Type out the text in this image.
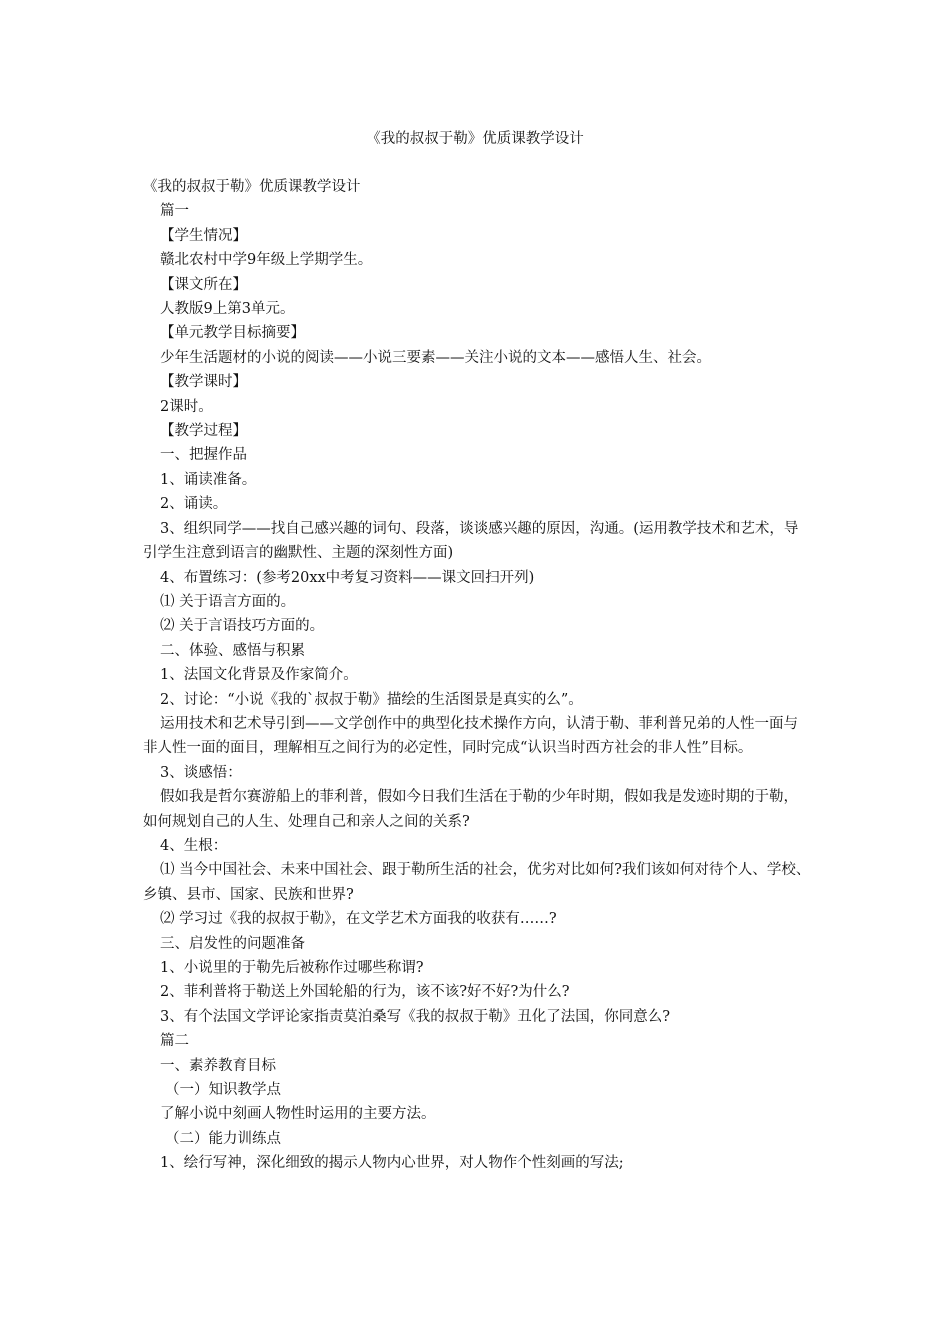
《我的叔叔于勒》优质课教学设计

《我的叔叔于勒》优质课教学设计

篇一

【学生情况】

赣北农村中学9年级上学期学生。

【课文所在】

人教版9上第3单元。

【单元教学目标摘要】

少年生活题材的小说的阅读——小说三要素——关注小说的文本——感悟人生、社会。

【教学课时】

2课时。

【教学过程】

一、把握作品

1、诵读准备。

2、诵读。

3、组织同学——找自己感兴趣的词句、段落，谈谈感兴趣的原因，沟通。(运用教学技术和艺术，导引学生注意到语言的幽默性、主题的深刻性方面)

4、布置练习：(参考20xx中考复习资料——课文回扫开列)

⑴ 关于语言方面的。

⑵ 关于言语技巧方面的。

二、体验、感悟与积累

1、法国文化背景及作家简介。

2、讨论：“小说《我的`叔叔于勒》描绘的生活图景是真实的么”。

运用技术和艺术导引到——文学创作中的典型化技术操作方向，认清于勒、菲利普兄弟的人性一面与非人性一面的面目，理解相互之间行为的必定性，同时完成“认识当时西方社会的非人性”目标。

3、谈感悟：

假如我是哲尔赛游船上的菲利普，假如今日我们生活在于勒的少年时期，假如我是发迹时期的于勒，如何规划自己的人生、处理自己和亲人之间的关系?

4、生根：

⑴ 当今中国社会、未来中国社会、跟于勒所生活的社会，优劣对比如何?我们该如何对待个人、学校、乡镇、县市、国家、民族和世界?

⑵ 学习过《我的叔叔于勒》，在文学艺术方面我的收获有……?

三、启发性的问题准备

1、小说里的于勒先后被称作过哪些称谓?

2、菲利普将于勒送上外国轮船的行为，该不该?好不好?为什么?

3、有个法国文学评论家指责莫泊桑写《我的叔叔于勒》丑化了法国，你同意么?

篇二

一、素养教育目标

（一）知识教学点

了解小说中刻画人物性时运用的主要方法。

（二）能力训练点

1、绘行写神，深化细致的揭示人物内心世界，对人物作个性刻画的写法;
